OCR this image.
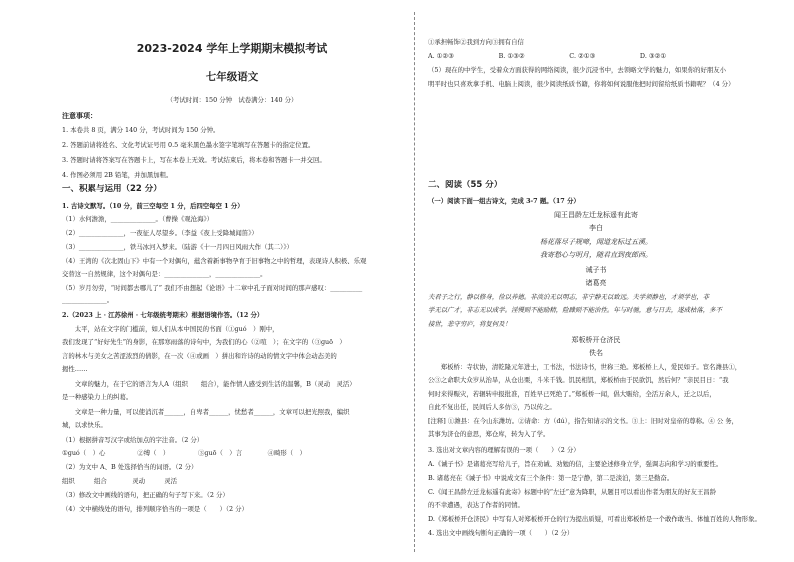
2023-2024 学年上学期期末模拟考试
七年级语文
（考试时间：150 分钟　试卷满分：140 分）
注意事项：
1. 本卷共 8 页，满分 140 分，考试时间为 150 分钟。
2. 答题前请将姓名、文化考试证号用 0.5 毫米黑色墨水签字笔填写在答题卡的指定位置。
3. 答题时请将答案写在答题卡上，写在本卷上无效。考试结束后，将本卷和答题卡一并交回。
4. 作图必须用 2B 铅笔，并加黑加粗。
一、积累与运用（22 分）
1. 古诗文默写。（10 分，前三空每空 1 分，后四空每空 1 分）
（1）水何澹澹，______________。（曹操《观沧海》）
（2）______________，一夜征人尽望乡。（李益《夜上受降城闻笛》）
（3）______________，铁马冰河入梦来。（陆游《十一月四日风雨大作（其二）》）
（4）王湾的《次北固山下》中有一个对偶句，蕴含着新事物孕育于旧事物之中的哲理，表现诗人积极、乐观
交替这一自然规律，这个对偶句是：______________，______________。
（5）岁月勿劳，“时间都去哪儿了” 我们不由想起《论语》十二章中孔子面对时间的那声感叹：__________
______________。
2.（2023 上 · 江苏徐州 · 七年级统考期末）根据语境作答。（12 分）
　　太平，站在文字的门槛前，如人们从本中国民的书面（①ɡuó　）刚中，
我们发现了“好好先生”的身影，在那寒雨落的诗句中，为我们的心（②喧　）；在文字的（③ɡuō　）
言的林木与美女之苦涩浓烈的倩影，在一次（④或画　）拼出和许诗的动的情文字中体会动态美的
揭性……
　　文章的魅力，在于它的语言为人A（组织　　组合），能作情人感受到生活的温馨，B（灵动　灵活）
是一种感染力上的纠葛。
　　文章是一种力量，可以使消沉者______，自卑者______，忧愁者______，文章可以把光照我，编织
城，以求快乐。
（1）根据拼音写汉字或给加点的字注音。（2 分）
①ɡuó（　）心　　　　　②缚（　）　　　　　③ɡuō（　）言　　　　④畸形（　）
（2）为文中 A、B 处选择恰当的词语。（2 分）
组织　　　组合　　　　灵动　　　灵活
（3）修改文中画线的语句，把正确的句子写下来。（2 分）
（4）文中横线处的语句，排列顺序恰当的一项是（　　）（2 分）
①承担畅饰②我到方向③拥有自信
A. ①②③　　　　　　　B. ①③②　　　　　　　C. ②①③　　　　　　　D. ③②①
（5）现在的中学生，受着众方面获得的网络阅读，很少沉浸书中，去领略文学的魅力，如果你的好朋友小
明平时也只喜欢拿手机、电脑上阅读，很少阅读纸质书籍，你将如何说服他把时间留给纸质书籍呢？（4 分）
二、阅读（55 分）
（一）阅读下面一组古诗文，完成 3-7 题。（17 分）
闻王昌龄左迁龙标遥有此寄
李白
杨花落尽子规啼，闻道龙标过五溪。
我寄愁心与明月，随君直到夜郎西。
诫子书
诸葛亮
夫君子之行，静以修身，俭以养德。非淡泊无以明志，非宁静无以致远。夫学须静也，才须学也，非
学无以广才，非志无以成学。淫慢则不能励精，险躁则不能治性。年与时驰，意与日去，遂成枯落，多不
接世，悲守穷庐，将复何及！
郑板桥开仓济民
佚名
　　郑板桥：寺状协，清乾隆元年进士，工书法，书法诗书，世称三绝。郑板桥上人，爱民如子。宦名潍县①，
公③之命职大众岁从治旱，从仓出栗，斗米千钱。饥民相饥，郑板桥由于民欲饥，然后何？”亲民目日：“我
何时来得赈灾，若辗转申报批准，百姓早已死绝了。”郑板桥一闻，倡大赈给，全活万余人，迁之以后，
自此不复出任，民间后人多仿③，乃以传之。
[注释] ①潍县：在今山东潍坊。②请命：方（dú），指告知请示的文书。③上：旧时对皇帝的尊称。④ 公 务，
其事为济仓的意思，郑仓库，转为入了学。
3. 选出对文章内容的理解有误的一项（　　）（2 分）
A.《诫子书》是诸葛亮写给儿子，旨在劝诫、劝勉的信，主要论述修身立学，强调志向和学习的重要性。
B. 诸葛亮在《诫子书》中说成文有三个条件：第一是宁静，第二是淡泊，第三是勤奋。
C.《闻王昌龄左迁龙标遥有此寄》标题中的“左迁”意为降职，从题目可以看出作者为朋友的好友王昌龄
的不幸遭遇，表达了作者的同情。
D.《郑板桥开仓济民》中写有人对郑板桥开仓的行为提出质疑，可看出郑板桥是一个敢作敢当、体恤百姓的人物形象。
4. 选出文中画线句断句正确的一项（　　）（2 分）
